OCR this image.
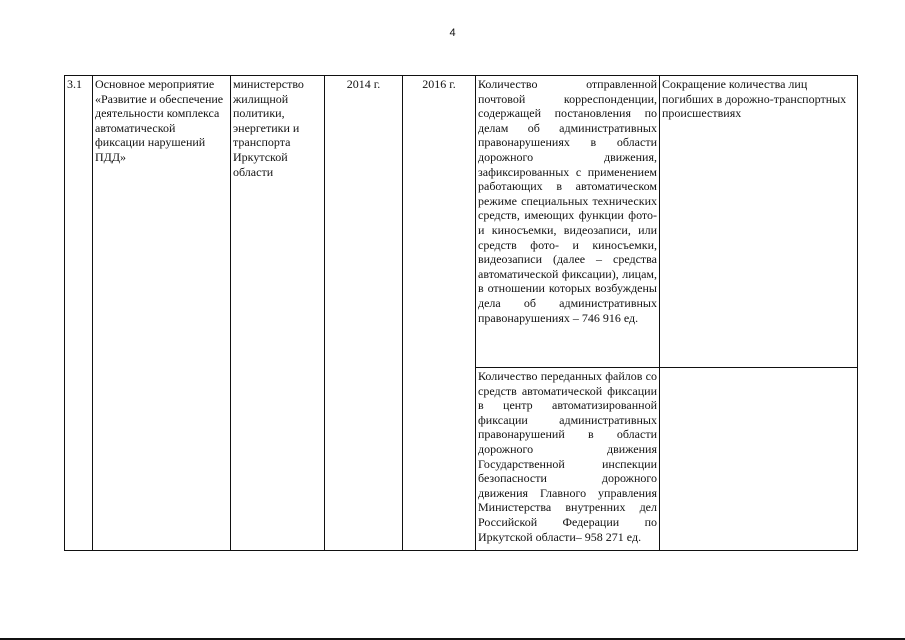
4
3.1	Основное мероприятие «Развитие и обеспечение деятельности комплекса автоматической фиксации нарушений ПДД»	министерство жилищной политики, энергетики и транспорта Иркутской области	2014 г.	2016 г.	Количество отправленной почтовой корреспонденции, содержащей постановления по делам об административных правонарушениях в области дорожного движения, зафиксированных с применением работающих в автоматическом режиме специальных технических средств, имеющих функции фото- и киносъемки, видеозаписи, или средств фото- и киносъемки, видеозаписи (далее – средства автоматической фиксации), лицам, в отношении которых возбуждены дела об административных правонарушениях – 746 916 ед.	Сокращение количества лиц погибших в дорожно-транспортных происшествиях
					Количество переданных файлов со средств автоматической фиксации в центр автоматизированной фиксации административных правонарушений в области дорожного движения Государственной инспекции безопасности дорожного движения Главного управления Министерства внутренних дел Российской Федерации по Иркутской области– 958 271 ед.	
